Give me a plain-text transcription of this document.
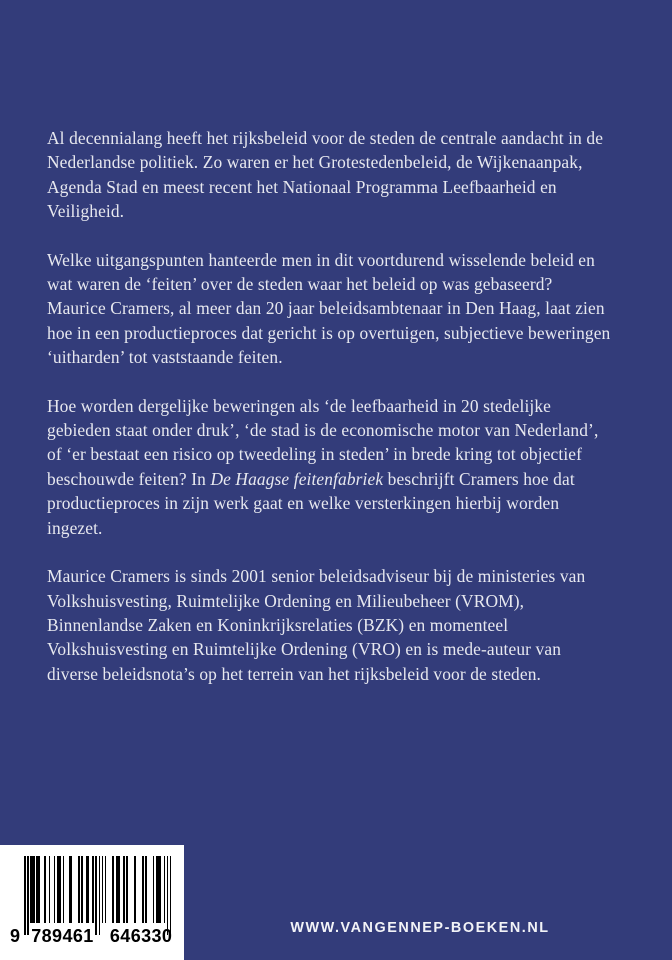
Al decennialang heeft het rijksbeleid voor de steden de centrale aandacht in de Nederlandse politiek. Zo waren er het Grotestedenbeleid, de Wijkenaanpak, Agenda Stad en meest recent het Nationaal Programma Leefbaarheid en Veiligheid.

Welke uitgangspunten hanteerde men in dit voortdurend wisselende beleid en wat waren de ‘feiten’ over de steden waar het beleid op was gebaseerd? Maurice Cramers, al meer dan 20 jaar beleidsambtenaar in Den Haag, laat zien hoe in een productieproces dat gericht is op overtuigen, subjectieve beweringen ‘uitharden’ tot vaststaande feiten.

Hoe worden dergelijke beweringen als ‘de leefbaarheid in 20 stedelijke gebieden staat onder druk’, ‘de stad is de economische motor van Nederland’, of ‘er bestaat een risico op tweedeling in steden’ in brede kring tot objectief beschouwde feiten? In De Haagse feitenfabriek beschrijft Cramers hoe dat productieproces in zijn werk gaat en welke versterkingen hierbij worden ingezet.

Maurice Cramers is sinds 2001 senior beleidsadviseur bij de ministeries van Volkshuisvesting, Ruimtelijke Ordening en Milieubeheer (VROM), Binnenlandse Zaken en Koninkrijksrelaties (BZK) en momenteel Volkshuisvesting en Ruimtelijke Ordening (VRO) en is mede-auteur van diverse beleidsnota’s op het terrein van het rijksbeleid voor de steden.

9  789461   646330	WWW.VANGENNEP-BOEKEN.NL
